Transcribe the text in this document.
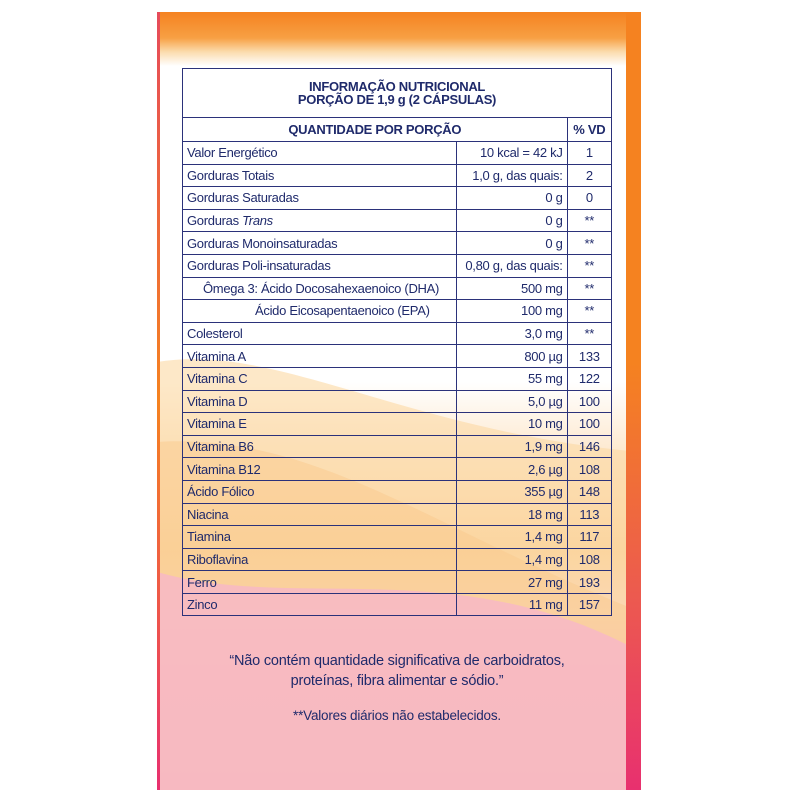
INFORMAÇÃO NUTRICIONAL
PORÇÃO DE 1,9 g (2 CÁPSULAS)		

QUANTIDADE POR PORÇÃO		% VD
Valor Energético	10 kcal = 42 kJ	1
Gorduras Totais	1,0 g, das quais:	2
Gorduras Saturadas	0 g	0
Gorduras Trans	0 g	**
Gorduras Monoinsaturadas	0 g	**
Gorduras Poli-insaturadas	0,80 g, das quais:	**
Ômega 3: Ácido Docosahexaenoico (DHA)	500 mg	**
Ácido Eicosapentaenoico (EPA)	100 mg	**
Colesterol	3,0 mg	**
Vitamina A	800 µg	133
Vitamina C	55 mg	122
Vitamina D	5,0 µg	100
Vitamina E	10 mg	100
Vitamina B6	1,9 mg	146
Vitamina B12	2,6 µg	108
Ácido Fólico	355 µg	148
Niacina	18 mg	113
Tiamina	1,4 mg	117
Riboflavina	1,4 mg	108
Ferro	27 mg	193
Zinco	11 mg	157
“Não contém quantidade significativa de carboidratos,
proteínas, fibra alimentar e sódio.”
**Valores diários não estabelecidos.
